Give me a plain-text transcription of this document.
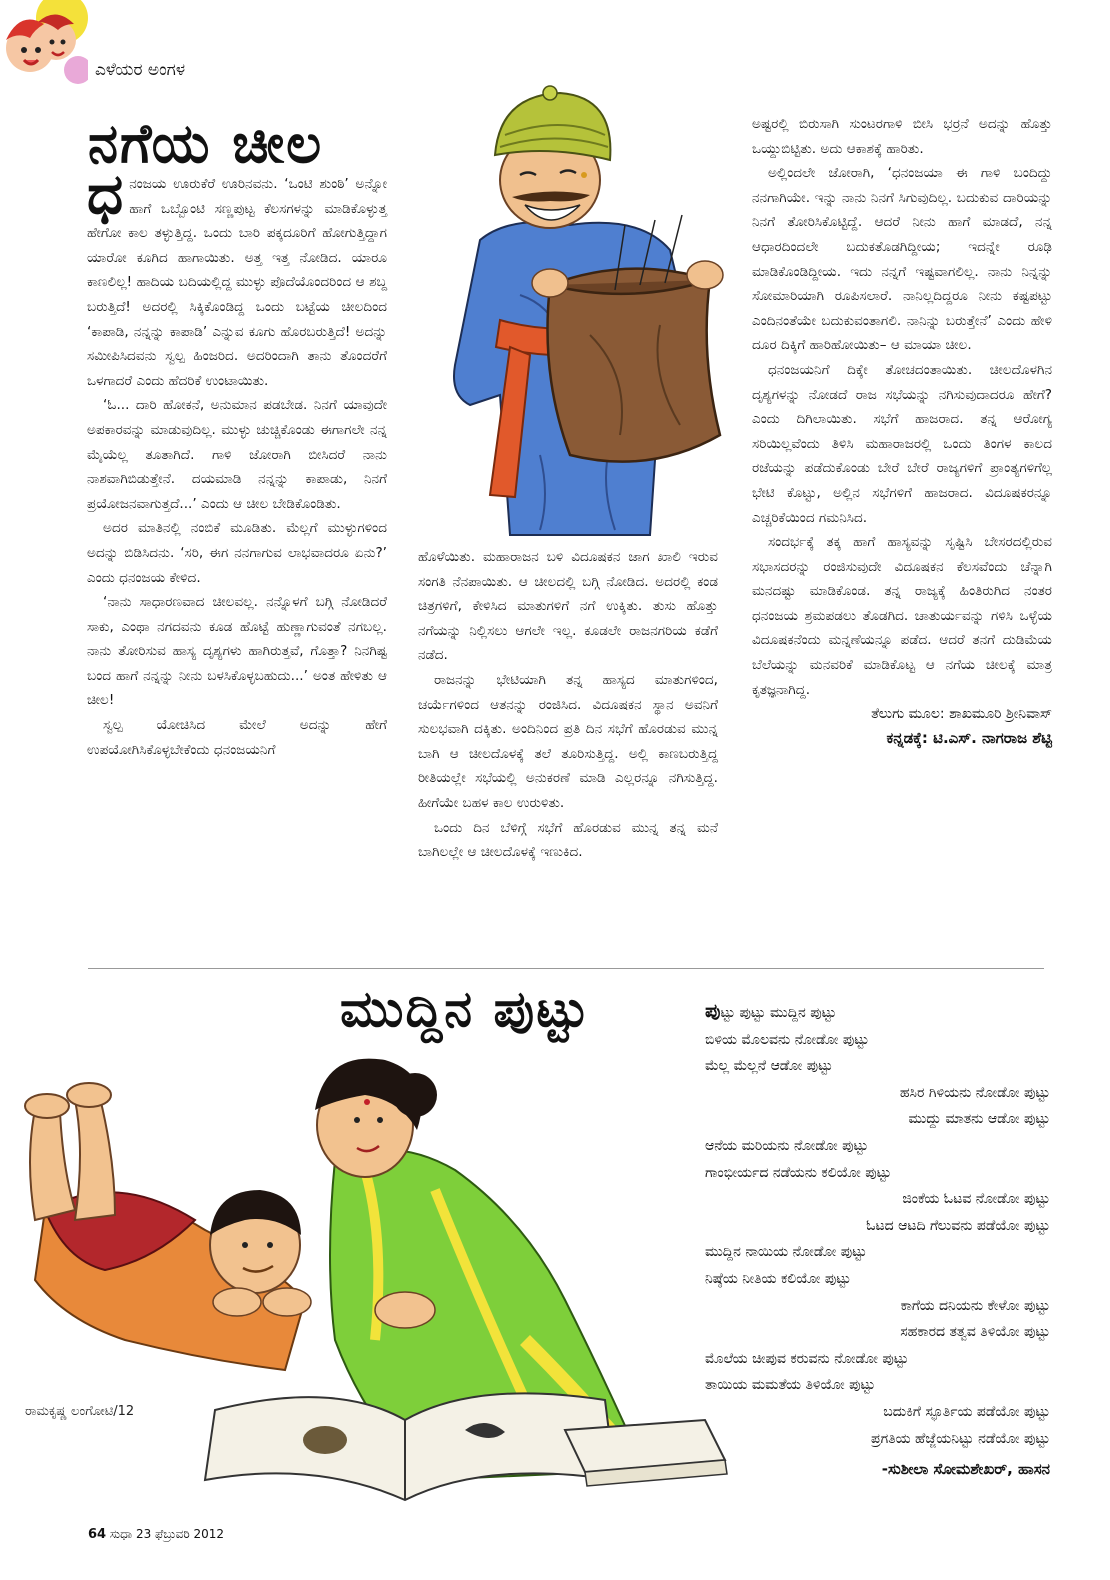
ಎಳೆಯರ ಅಂಗಳ
ನಗೆಯ ಚೀಲ

ಧನಂಜಯ ಊರುಕೆರೆ ಊರಿನವನು. ‘ಒಂಟಿ ಶುಂಠಿ’ ಅನ್ನೋ ಹಾಗೆ ಒಬ್ಬೊಂಟಿ ಸಣ್ಣಪುಟ್ಟ ಕೆಲಸಗಳನ್ನು ಮಾಡಿಕೊಳ್ಳುತ್ತ ಹೇಗೋ ಕಾಲ ತಳ್ಳುತ್ತಿದ್ದ. ಒಂದು ಬಾರಿ ಪಕ್ಕದೂರಿಗೆ ಹೋಗುತ್ತಿದ್ದಾಗ ಯಾರೋ ಕೂಗಿದ ಹಾಗಾಯಿತು. ಅತ್ತ ಇತ್ತ ನೋಡಿದ. ಯಾರೂ ಕಾಣಲಿಲ್ಲ! ಹಾದಿಯ ಬದಿಯಲ್ಲಿದ್ದ ಮುಳ್ಳು ಪೊದೆಯೊಂದರಿಂದ ಆ ಶಬ್ದ ಬರುತ್ತಿದೆ! ಅದರಲ್ಲಿ ಸಿಕ್ಕಿಕೊಂಡಿದ್ದ ಒಂದು ಬಟ್ಟೆಯ ಚೀಲದಿಂದ ‘ಕಾಪಾಡಿ, ನನ್ನನ್ನು ಕಾಪಾಡಿ’ ಎನ್ನುವ ಕೂಗು ಹೊರಬರುತ್ತಿದೆ! ಅದನ್ನು ಸಮೀಪಿಸಿದವನು ಸ್ವಲ್ಪ ಹಿಂಜರಿದ. ಅದರಿಂದಾಗಿ ತಾನು ತೊಂದರೆಗೆ ಒಳಗಾದರೆ ಎಂದು ಹೆದರಿಕೆ ಉಂಟಾಯಿತು.

‘ಓ... ದಾರಿ ಹೋಕನೆ, ಅನುಮಾನ ಪಡಬೇಡ. ನಿನಗೆ ಯಾವುದೇ ಅಪಕಾರವನ್ನು ಮಾಡುವುದಿಲ್ಲ. ಮುಳ್ಳು ಚುಚ್ಚಿಕೊಂಡು ಈಗಾಗಲೇ ನನ್ನ ಮೈಯೆಲ್ಲ ತೂತಾಗಿದೆ. ಗಾಳಿ ಜೋರಾಗಿ ಬೀಸಿದರೆ ನಾನು ನಾಶವಾಗಿಬಿಡುತ್ತೇನೆ. ದಯಮಾಡಿ ನನ್ನನ್ನು ಕಾಪಾಡು, ನಿನಗೆ ಪ್ರಯೋಜನವಾಗುತ್ತದೆ...’ ಎಂದು ಆ ಚೀಲ ಬೇಡಿಕೊಂಡಿತು.

ಅದರ ಮಾತಿನಲ್ಲಿ ನಂಬಿಕೆ ಮೂಡಿತು. ಮೆಲ್ಲಗೆ ಮುಳ್ಳುಗಳಿಂದ ಅದನ್ನು ಬಿಡಿಸಿದನು. ‘ಸರಿ, ಈಗ ನನಗಾಗುವ ಲಾಭವಾದರೂ ಏನು?’ ಎಂದು ಧನಂಜಯ ಕೇಳಿದ.

‘ನಾನು ಸಾಧಾರಣವಾದ ಚೀಲವಲ್ಲ. ನನ್ನೊಳಗೆ ಬಗ್ಗಿ ನೋಡಿದರೆ ಸಾಕು, ಎಂಥಾ ನಗದವನು ಕೂಡ ಹೊಟ್ಟೆ ಹುಣ್ಣಾಗುವಂತೆ ನಗಬಲ್ಲ. ನಾನು ತೋರಿಸುವ ಹಾಸ್ಯ ದೃಶ್ಯಗಳು ಹಾಗಿರುತ್ತವೆ, ಗೊತ್ತಾ? ನಿನಗಿಷ್ಟ ಬಂದ ಹಾಗೆ ನನ್ನನ್ನು ನೀನು ಬಳಸಿಕೊಳ್ಳಬಹುದು...’ ಅಂತ ಹೇಳಿತು ಆ ಚೀಲ!

ಸ್ವಲ್ಪ ಯೋಚಿಸಿದ ಮೇಲೆ ಅದನ್ನು ಹೇಗೆ ಉಪಯೋಗಿಸಿಕೊಳ್ಳಬೇಕೆಂದು ಧನಂಜಯನಿಗೆ

ಹೊಳೆಯಿತು. ಮಹಾರಾಜನ ಬಳಿ ವಿದೂಷಕನ ಜಾಗ ಖಾಲಿ ಇರುವ ಸಂಗತಿ ನೆನಪಾಯಿತು. ಆ ಚೀಲದಲ್ಲಿ ಬಗ್ಗಿ ನೋಡಿದ. ಅದರಲ್ಲಿ ಕಂಡ ಚಿತ್ರಗಳಿಗೆ, ಕೇಳಿಸಿದ ಮಾತುಗಳಿಗೆ ನಗೆ ಉಕ್ಕಿತು. ತುಸು ಹೊತ್ತು ನಗೆಯನ್ನು ನಿಲ್ಲಿಸಲು ಆಗಲೇ ಇಲ್ಲ. ಕೂಡಲೇ ರಾಜನಗರಿಯ ಕಡೆಗೆ ನಡೆದ.

ರಾಜನನ್ನು ಭೇಟಿಯಾಗಿ ತನ್ನ ಹಾಸ್ಯದ ಮಾತುಗಳಿಂದ, ಚರ್ಯೆಗಳಿಂದ ಆತನನ್ನು ರಂಜಿಸಿದ. ವಿದೂಷಕನ ಸ್ಥಾನ ಅವನಿಗೆ ಸುಲಭವಾಗಿ ದಕ್ಕಿತು. ಅಂದಿನಿಂದ ಪ್ರತಿ ದಿನ ಸಭೆಗೆ ಹೊರಡುವ ಮುನ್ನ ಬಾಗಿ ಆ ಚೀಲದೊಳಕ್ಕೆ ತಲೆ ತೂರಿಸುತ್ತಿದ್ದ. ಅಲ್ಲಿ ಕಾಣಬರುತ್ತಿದ್ದ ರೀತಿಯಲ್ಲೇ ಸಭೆಯಲ್ಲಿ ಅನುಕರಣೆ ಮಾಡಿ ಎಲ್ಲರನ್ನೂ ನಗಿಸುತ್ತಿದ್ದ. ಹೀಗೆಯೇ ಬಹಳ ಕಾಲ ಉರುಳಿತು.

ಒಂದು ದಿನ ಬೆಳಿಗ್ಗೆ ಸಭೆಗೆ ಹೊರಡುವ ಮುನ್ನ ತನ್ನ ಮನೆ ಬಾಗಿಲಲ್ಲೇ ಆ ಚೀಲದೊಳಕ್ಕೆ ಇಣುಕಿದ.

ಅಷ್ಟರಲ್ಲಿ ಬಿರುಸಾಗಿ ಸುಂಟರಗಾಳಿ ಬೀಸಿ ಭರ್ರನೆ ಅದನ್ನು ಹೊತ್ತು ಒಯ್ದುಬಿಟ್ಟಿತು. ಅದು ಆಕಾಶಕ್ಕೆ ಹಾರಿತು.

ಅಲ್ಲಿಂದಲೇ ಜೋರಾಗಿ, ‘ಧನಂಜಯಾ ಈ ಗಾಳಿ ಬಂದಿದ್ದು ನನಗಾಗಿಯೇ. ಇನ್ನು ನಾನು ನಿನಗೆ ಸಿಗುವುದಿಲ್ಲ. ಬದುಕುವ ದಾರಿಯನ್ನು ನಿನಗೆ ತೋರಿಸಿಕೊಟ್ಟಿದ್ದೆ. ಆದರೆ ನೀನು ಹಾಗೆ ಮಾಡದೆ, ನನ್ನ ಆಧಾರದಿಂದಲೇ ಬದುಕತೊಡಗಿದ್ದೀಯ; ಇದನ್ನೇ ರೂಢಿ ಮಾಡಿಕೊಂಡಿದ್ದೀಯ. ಇದು ನನ್ನಗೆ ಇಷ್ಟವಾಗಲಿಲ್ಲ. ನಾನು ನಿನ್ನನ್ನು ಸೋಮಾರಿಯಾಗಿ ರೂಪಿಸಲಾರೆ. ನಾನಿಲ್ಲದಿದ್ದರೂ ನೀನು ಕಷ್ಟಪಟ್ಟು ಎಂದಿನಂತೆಯೇ ಬದುಕುವಂತಾಗಲಿ. ನಾನಿನ್ನು ಬರುತ್ತೇನೆ’ ಎಂದು ಹೇಳಿ ದೂರ ದಿಕ್ಕಿಗೆ ಹಾರಿಹೋಯಿತು– ಆ ಮಾಯಾ ಚೀಲ.

ಧನಂಜಯನಿಗೆ ದಿಕ್ಕೇ ತೋಚದಂತಾಯಿತು. ಚೀಲದೊಳಗಿನ ದೃಶ್ಯಗಳನ್ನು ನೋಡದೆ ರಾಜ ಸಭೆಯನ್ನು ನಗಿಸುವುದಾದರೂ ಹೇಗೆ? ಎಂದು ದಿಗಿಲಾಯಿತು. ಸಭೆಗೆ ಹಾಜರಾದ. ತನ್ನ ಆರೋಗ್ಯ ಸರಿಯಿಲ್ಲವೆಂದು ತಿಳಿಸಿ ಮಹಾರಾಜರಲ್ಲಿ ಒಂದು ತಿಂಗಳ ಕಾಲದ ರಜೆಯನ್ನು ಪಡೆದುಕೊಂಡು ಬೇರೆ ಬೇರೆ ರಾಜ್ಯಗಳಿಗೆ ಪ್ರಾಂತ್ಯಗಳಿಗೆಲ್ಲ ಭೇಟಿ ಕೊಟ್ಟು, ಅಲ್ಲಿನ ಸಭೆಗಳಿಗೆ ಹಾಜರಾದ. ವಿದೂಷಕರನ್ನೂ ಎಚ್ಚರಿಕೆಯಿಂದ ಗಮನಿಸಿದ.

ಸಂದರ್ಭಕ್ಕೆ ತಕ್ಕ ಹಾಗೆ ಹಾಸ್ಯವನ್ನು ಸೃಷ್ಟಿಸಿ ಬೇಸರದಲ್ಲಿರುವ ಸಭಾಸದರನ್ನು ರಂಜಿಸುವುದೇ ವಿದೂಷಕನ ಕೆಲಸವೆಂದು ಚೆನ್ನಾಗಿ ಮನದಷ್ಟು ಮಾಡಿಕೊಂಡ. ತನ್ನ ರಾಜ್ಯಕ್ಕೆ ಹಿಂತಿರುಗಿದ ನಂತರ ಧನಂಜಯ ಶ್ರಮಪಡಲು ತೊಡಗಿದ. ಚಾತುರ್ಯವನ್ನು ಗಳಿಸಿ ಒಳ್ಳೆಯ ವಿದೂಷಕನೆಂದು ಮನ್ನಣೆಯನ್ನೂ ಪಡೆದ. ಆದರೆ ತನಗೆ ದುಡಿಮೆಯ ಬೆಲೆಯನ್ನು ಮನವರಿಕೆ ಮಾಡಿಕೊಟ್ಟ ಆ ನಗೆಯ ಚೀಲಕ್ಕೆ ಮಾತ್ರ ಕೃತಜ್ಞನಾಗಿದ್ದ.

ತೆಲುಗು ಮೂಲ: ಶಾಖಮೂರಿ ಶ್ರೀನಿವಾಸ್

ಕನ್ನಡಕ್ಕೆ: ಟಿ.ಎಸ್. ನಾಗರಾಜ ಶೆಟ್ಟಿ

ಮುದ್ದಿನ ಪುಟ್ಟು
ರಾಮಕೃಷ್ಣ ಲಂಗೋಟಿ/12
ಪುಟ್ಟು ಪುಟ್ಟು ಮುದ್ದಿನ ಪುಟ್ಟು
ಬಿಳಿಯ ಮೊಲವನು ನೋಡೋ ಪುಟ್ಟು
ಮೆಲ್ಲ ಮೆಲ್ಲನೆ ಆಡೋ ಪುಟ್ಟು
ಹಸಿರ ಗಿಳಿಯನು ನೋಡೋ ಪುಟ್ಟು
ಮುದ್ದು ಮಾತನು ಆಡೋ ಪುಟ್ಟು
ಆನೆಯ ಮರಿಯನು ನೋಡೋ ಪುಟ್ಟು
ಗಾಂಭೀರ್ಯದ ನಡೆಯನು ಕಲಿಯೋ ಪುಟ್ಟು
ಜಿಂಕೆಯ ಓಟವ ನೋಡೋ ಪುಟ್ಟು
ಓಟದ ಆಟದಿ ಗೆಲುವನು ಪಡೆಯೋ ಪುಟ್ಟು
ಮುದ್ದಿನ ನಾಯಿಯ ನೋಡೋ ಪುಟ್ಟು
ನಿಷ್ಠೆಯ ನೀತಿಯ ಕಲಿಯೋ ಪುಟ್ಟು
ಕಾಗೆಯ ದನಿಯನು ಕೇಳೋ ಪುಟ್ಟು
ಸಹಕಾರದ ತತ್ವವ ತಿಳಿಯೋ ಪುಟ್ಟು
ಮೊಲೆಯ ಚೀಪುವ ಕರುವನು ನೋಡೋ ಪುಟ್ಟು
ತಾಯಿಯ ಮಮತೆಯ ತಿಳಿಯೋ ಪುಟ್ಟು
ಬದುಕಿಗೆ ಸ್ಫೂರ್ತಿಯ ಪಡೆಯೋ ಪುಟ್ಟು
ಪ್ರಗತಿಯ ಹೆಜ್ಜೆಯನಿಟ್ಟು ನಡೆಯೋ ಪುಟ್ಟು
-ಸುಶೀಲಾ ಸೋಮಶೇಖರ್, ಹಾಸನ
64 ಸುಧಾ 23 ಫೆಬ್ರುವರಿ 2012
